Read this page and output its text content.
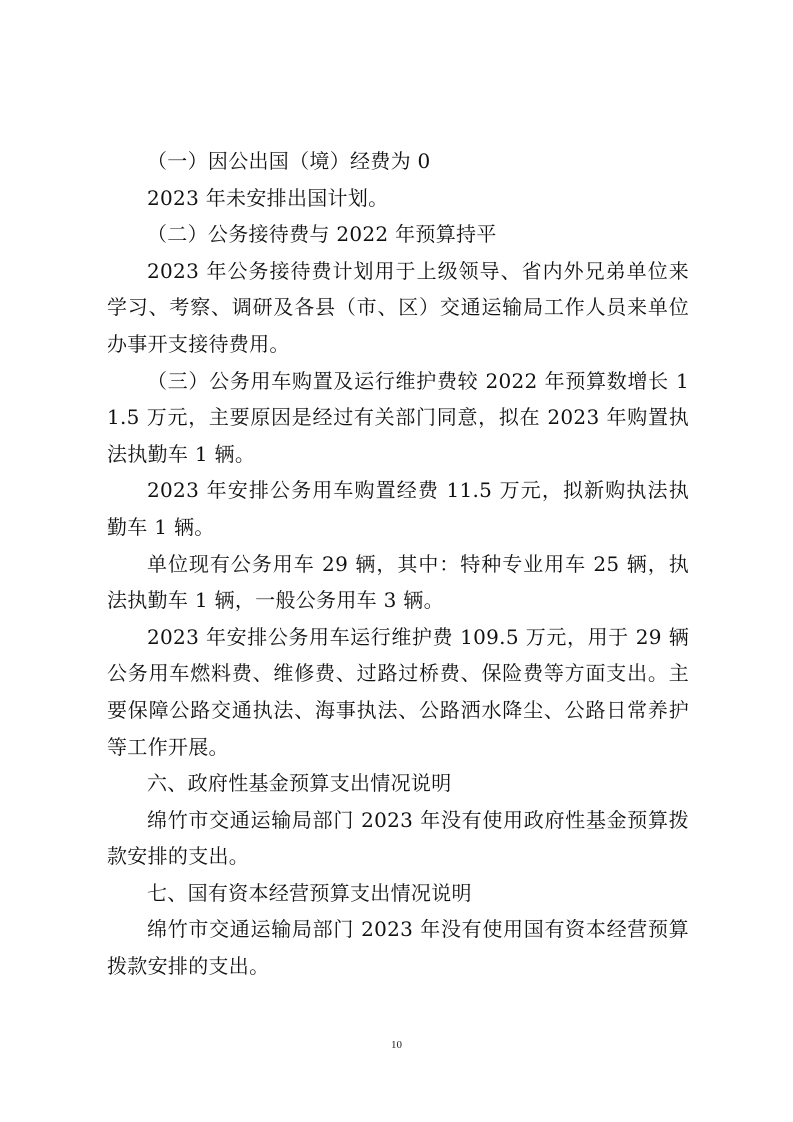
（一）因公出国（境）经费为 0

2023 年未安排出国计划。

（二）公务接待费与 2022 年预算持平

2023 年公务接待费计划用于上级领导、省内外兄弟单位来学习、考察、调研及各县（市、区）交通运输局工作人员来单位办事开支接待费用。

（三）公务用车购置及运行维护费较 2022 年预算数增长 11.5 万元，主要原因是经过有关部门同意，拟在 2023 年购置执法执勤车 1 辆。

2023 年安排公务用车购置经费 11.5 万元，拟新购执法执勤车 1 辆。

单位现有公务用车 29 辆，其中：特种专业用车 25 辆，执法执勤车 1 辆，一般公务用车 3 辆。

2023 年安排公务用车运行维护费 109.5 万元，用于 29 辆公务用车燃料费、维修费、过路过桥费、保险费等方面支出。主要保障公路交通执法、海事执法、公路洒水降尘、公路日常养护等工作开展。

六、政府性基金预算支出情况说明

绵竹市交通运输局部门 2023 年没有使用政府性基金预算拨款安排的支出。

七、国有资本经营预算支出情况说明

绵竹市交通运输局部门 2023 年没有使用国有资本经营预算拨款安排的支出。

10
